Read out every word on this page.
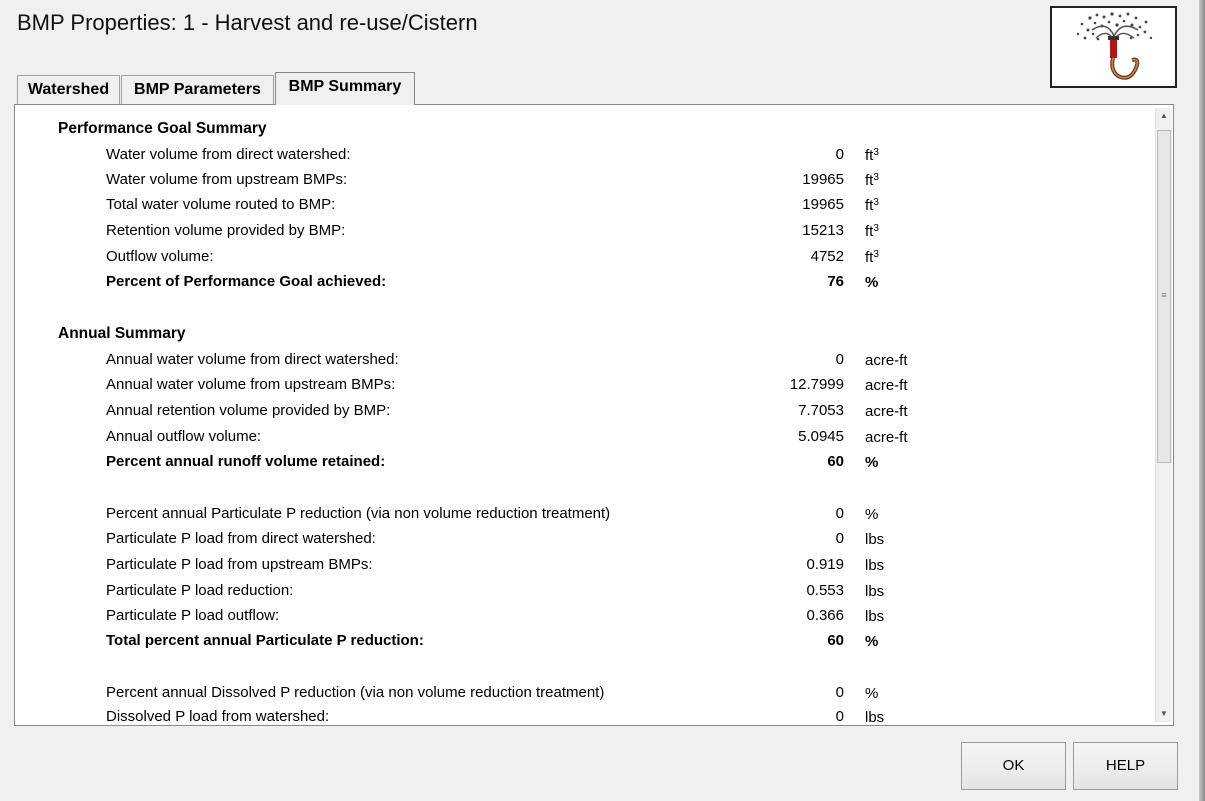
BMP Properties: 1 - Harvest and re-use/Cistern
Watershed	BMP Parameters	BMP Summary
Performance Goal Summary
Water volume from direct watershed:	0 $ft^3$
Water volume from upstream BMPs:	19965 $ft^3$
Total water volume routed to BMP:	19965 $ft^3$
Retention volume provided by BMP:	15213 $ft^3$
Outflow volume:	4752 $ft^3$
Percent of Performance Goal achieved:	76 %
Annual Summary
Annual water volume from direct watershed:	0 acre-ft
Annual water volume from upstream BMPs:	12.7999 acre-ft
Annual retention volume provided by BMP:	7.7053 acre-ft
Annual outflow volume:	5.0945 acre-ft
Percent annual runoff volume retained:	60 %
Percent annual Particulate P reduction (via non volume reduction treatment)	0 %
Particulate P load from direct watershed:	0 lbs
Particulate P load from upstream BMPs:	0.919 lbs
Particulate P load reduction:	0.553 lbs
Particulate P load outflow:	0.366 lbs
Total percent annual Particulate P reduction:	60 %
Percent annual Dissolved P reduction (via non volume reduction treatment)	0 %
Dissolved P load from watershed:	0 lbs
▲
≡
▼
OK	HELP
